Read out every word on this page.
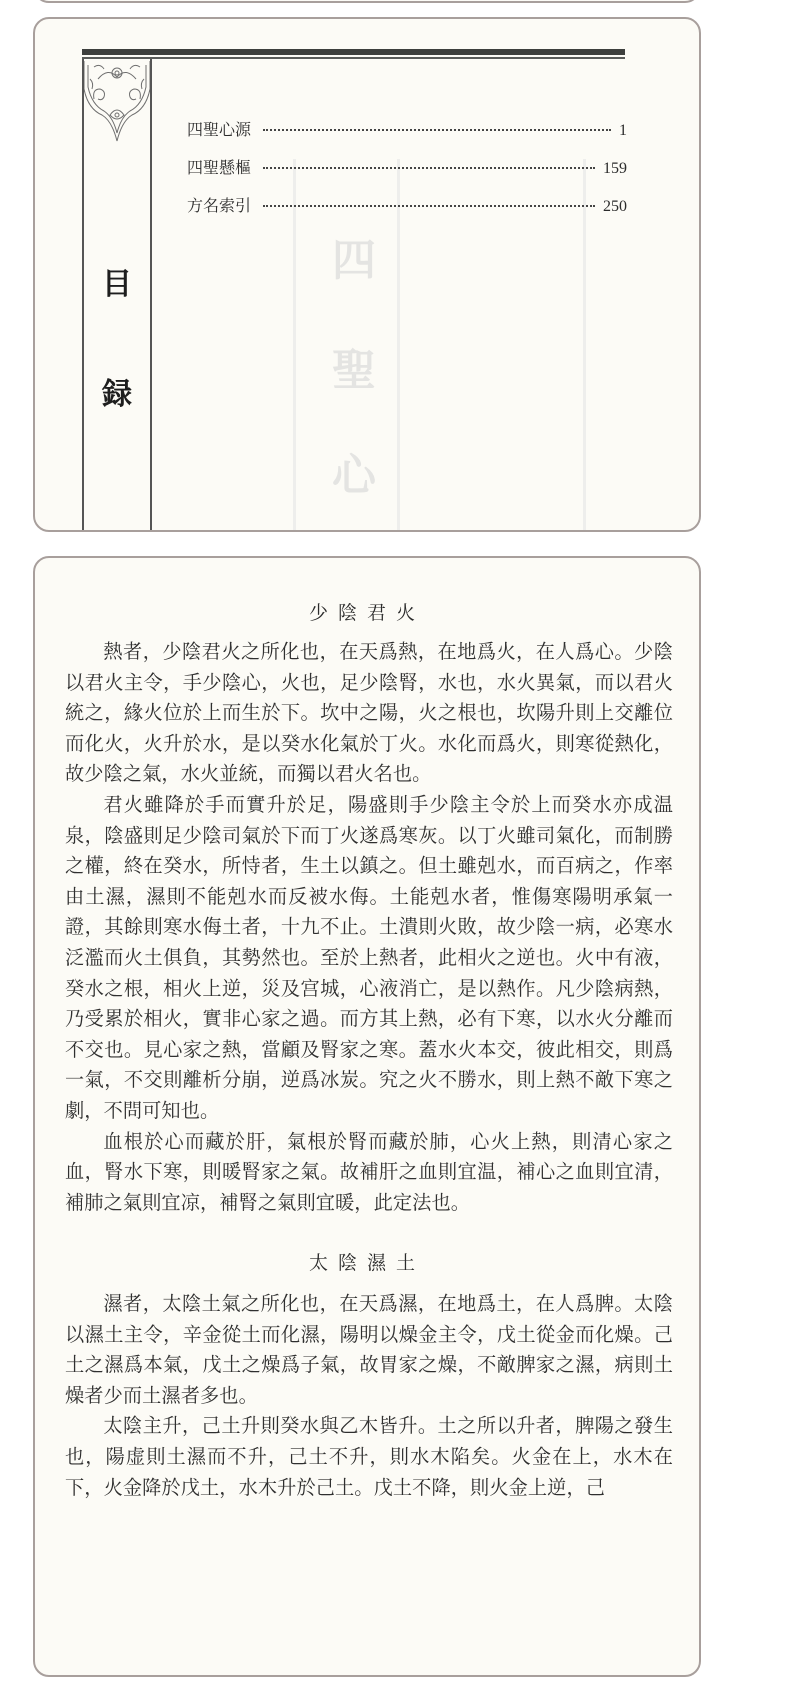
四
聖
心
目
録
四聖心源	1
四聖懸樞	159
方名索引	250
少陰君火

熱者，少陰君火之所化也，在天爲熱，在地爲火，在人爲心。少陰以君火主令，手少陰心，火也，足少陰腎，水也，水火異氣，而以君火統之，緣火位於上而生於下。坎中之陽，火之根也，坎陽升則上交離位而化火，火升於水，是以癸水化氣於丁火。水化而爲火，則寒從熱化，故少陰之氣，水火並統，而獨以君火名也。

君火雖降於手而實升於足，陽盛則手少陰主令於上而癸水亦成温泉，陰盛則足少陰司氣於下而丁火遂爲寒灰。以丁火雖司氣化，而制勝之權，終在癸水，所恃者，生土以鎮之。但土雖剋水，而百病之，作率由土濕，濕則不能剋水而反被水侮。土能剋水者，惟傷寒陽明承氣一證，其餘則寒水侮土者，十九不止。土潰則火敗，故少陰一病，必寒水泛濫而火土俱負，其勢然也。至於上熱者，此相火之逆也。火中有液，癸水之根，相火上逆，災及宫城，心液消亡，是以熱作。凡少陰病熱，乃受累於相火，實非心家之過。而方其上熱，必有下寒，以水火分離而不交也。見心家之熱，當顧及腎家之寒。蓋水火本交，彼此相交，則爲一氣，不交則離析分崩，逆爲冰炭。究之火不勝水，則上熱不敵下寒之劇，不問可知也。

血根於心而藏於肝，氣根於腎而藏於肺，心火上熱，則清心家之血，腎水下寒，則暖腎家之氣。故補肝之血則宜温，補心之血則宜清，補肺之氣則宜凉，補腎之氣則宜暖，此定法也。

太陰濕土

濕者，太陰土氣之所化也，在天爲濕，在地爲土，在人爲脾。太陰以濕土主令，辛金從土而化濕，陽明以燥金主令，戊土從金而化燥。己土之濕爲本氣，戊土之燥爲子氣，故胃家之燥，不敵脾家之濕，病則土燥者少而土濕者多也。

太陰主升，己土升則癸水與乙木皆升。土之所以升者，脾陽之發生也，陽虚則土濕而不升，己土不升，則水木陷矣。火金在上，水木在下，火金降於戊土，水木升於己土。戊土不降，則火金上逆，己
